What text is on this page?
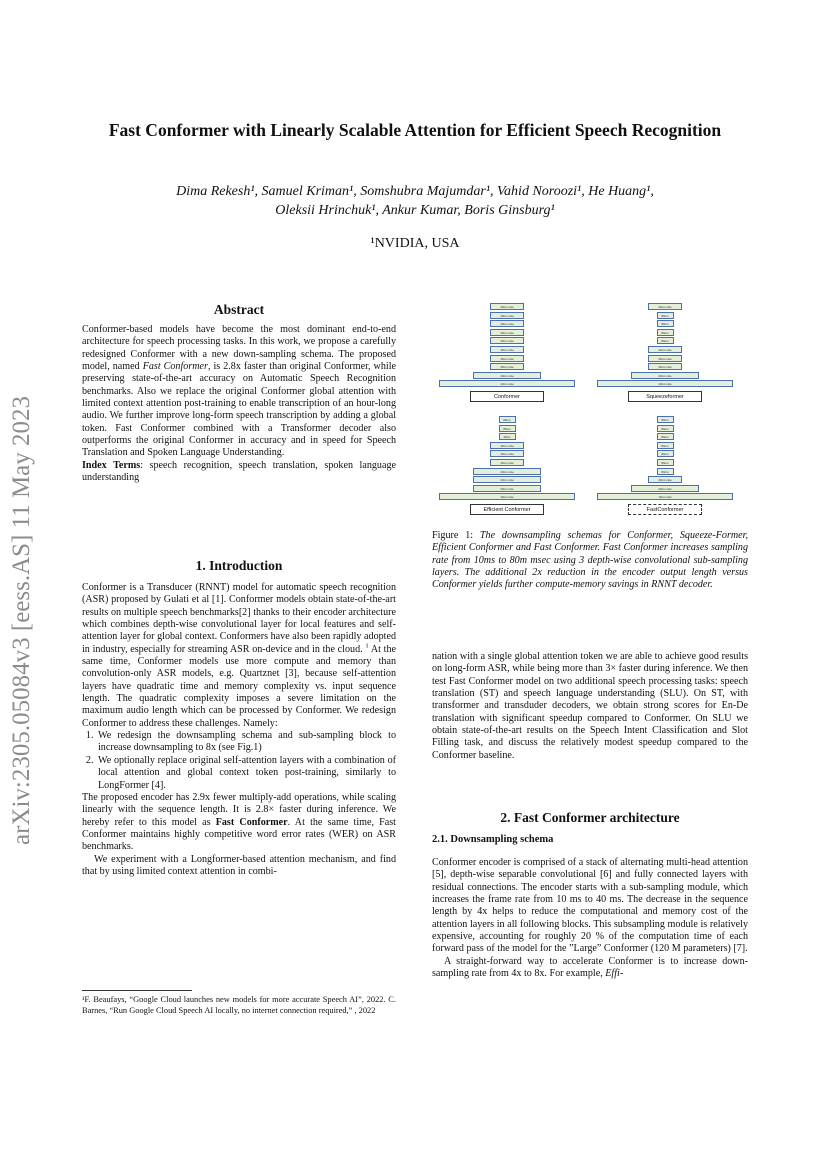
arXiv:2305.05084v3 [eess.AS] 11 May 2023
Fast Conformer with Linearly Scalable Attention for Efficient Speech Recognition
Dima Rekesh¹, Samuel Kriman¹, Somshubra Majumdar¹, Vahid Noroozi¹, He Huang¹,
Oleksii Hrinchuk¹, Ankur Kumar, Boris Ginsburg¹
¹NVIDIA, USA
Abstract

Conformer-based models have become the most dominant end-to-end architecture for speech processing tasks. In this work, we propose a carefully redesigned Conformer with a new down-sampling schema. The proposed model, named Fast Conformer, is 2.8x faster than original Conformer, while preserving state-of-the-art accuracy on Automatic Speech Recognition benchmarks. Also we replace the original Conformer global attention with limited context attention post-training to enable transcription of an hour-long audio. We further improve long-form speech transcription by adding a global token. Fast Conformer combined with a Transformer decoder also outperforms the original Conformer in accuracy and in speed for Speech Translation and Spoken Language Understanding.

Index Terms: speech recognition, speech translation, spoken language understanding

1. Introduction

Conformer is a Transducer (RNNT) model for automatic speech recognition (ASR) proposed by Gulati et al [1]. Conformer models obtain state-of-the-art results on multiple speech benchmarks[2] thanks to their encoder architecture which combines depth-wise convolutional layer for local features and self-attention layer for global context. Conformers have also been rapidly adopted in industry, especially for streaming ASR on-device and in the cloud. $^1$ At the same time, Conformer models use more compute and memory than convolution-only ASR models, e.g. Quartznet [3], because self-attention layers have quadratic time and memory complexity vs. input sequence length. The quadratic complexity imposes a severe limitation on the maximum audio length which can be processed by Conformer. We redesign Conformer to address these challenges. Namely:

1. We redesign the downsampling schema and sub-sampling block to increase downsampling to 8x (see Fig.1)
2. We optionally replace original self-attention layers with a combination of local attention and global context token post-training, similarly to LongFormer [4].

The proposed encoder has 2.9x fewer multiply-add operations, while scaling linearly with the sequence length. It is 2.8× faster during inference. We hereby refer to this model as Fast Conformer. At the same time, Fast Conformer maintains highly competitive word error rates (WER) on ASR benchmarks.

We experiment with a Longformer-based attention mechanism, and find that by using limited context attention in combi-

¹F. Beaufays, “Google Cloud launches new models for more accurate Speech AI”, 2022. C. Barnes, “Run Google Cloud Speech AI locally, no internet connection required,” , 2022
40ms rate
40ms rate
40ms rate
40ms rate
40ms rate
40ms rate
40ms rate
40ms rate
20ms rate
10ms rate
Conformer
40ms rate
80ms
80ms
80ms
80ms
40ms rate
40ms rate
40ms rate
20ms rate
10ms rate
Squeezeformer
80ms
80ms
40ms
40ms rate
40ms rate
40ms rate
20ms rate
20ms rate
20ms rate
10ms rate
Efficient Conformer
80ms
80ms
80ms
80ms
80ms
80ms
80ms
40ms rate
20ms rate
10ms rate
FastConformer
Figure 1: The downsampling schemas for Conformer, Squeeze-Former, Efficient Conformer and Fast Conformer. Fast Conformer increases sampling rate from 10ms to 80m msec using 3 depth-wise convolutional sub-sampling layers. The additional 2x reduction in the encoder output length versus Conformer yields further compute-memory savings in RNNT decoder.
nation with a single global attention token we are able to achieve good results on long-form ASR, while being more than 3× faster during inference. We then test Fast Conformer model on two additional speech processing tasks: speech translation (ST) and speech language understanding (SLU). On ST, with transformer and transduder decoders, we obtain strong scores for En-De translation with significant speedup compared to Conformer. On SLU we obtain state-of-the-art results on the Speech Intent Classification and Slot Filling task, and discuss the relatively modest speedup compared to the Conformer baseline.
2. Fast Conformer architecture
2.1. Downsampling schema

Conformer encoder is comprised of a stack of alternating multi-head attention [5], depth-wise separable convolutional [6] and fully connected layers with residual connections. The encoder starts with a sub-sampling module, which increases the frame rate from 10 ms to 40 ms. The decrease in the sequence length by 4x helps to reduce the computational and memory cost of the attention layers in all following blocks. This subsampling module is relatively expensive, accounting for roughly 20 % of the computation time of each forward pass of the model for the ”Large” Conformer (120 M parameters) [7].

A straight-forward way to accelerate Conformer is to increase down-sampling rate from 4x to 8x. For example, Effi-
